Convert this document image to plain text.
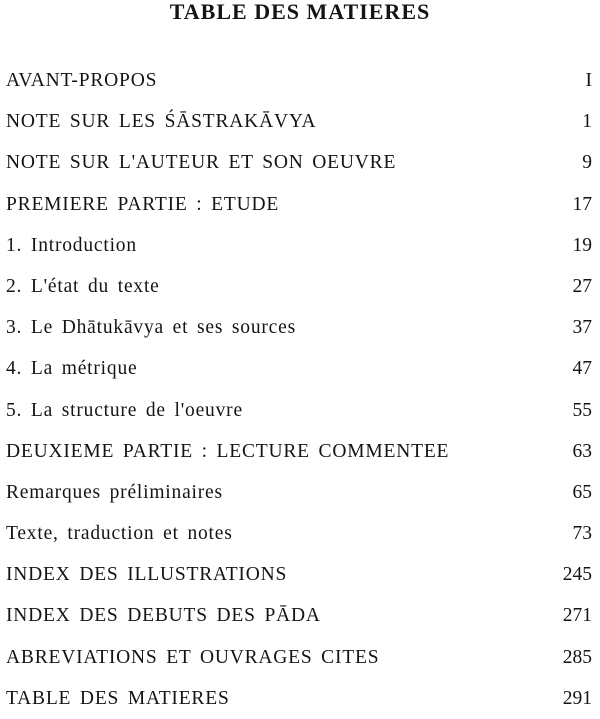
TABLE DES MATIERES
AVANT-PROPOS	I
NOTE SUR LES ŚĀSTRAKĀVYA	1
NOTE SUR L'AUTEUR ET SON OEUVRE	9
PREMIERE PARTIE : ETUDE	17
1. Introduction	19
2. L'état du texte	27
3. Le Dhātukāvya et ses sources	37
4. La métrique	47
5. La structure de l'oeuvre	55
DEUXIEME PARTIE : LECTURE COMMENTEE	63
Remarques préliminaires	65
Texte, traduction et notes	73
INDEX DES ILLUSTRATIONS	245
INDEX DES DEBUTS DES PĀDA	271
ABREVIATIONS ET OUVRAGES CITES	285
TABLE DES MATIERES	291
